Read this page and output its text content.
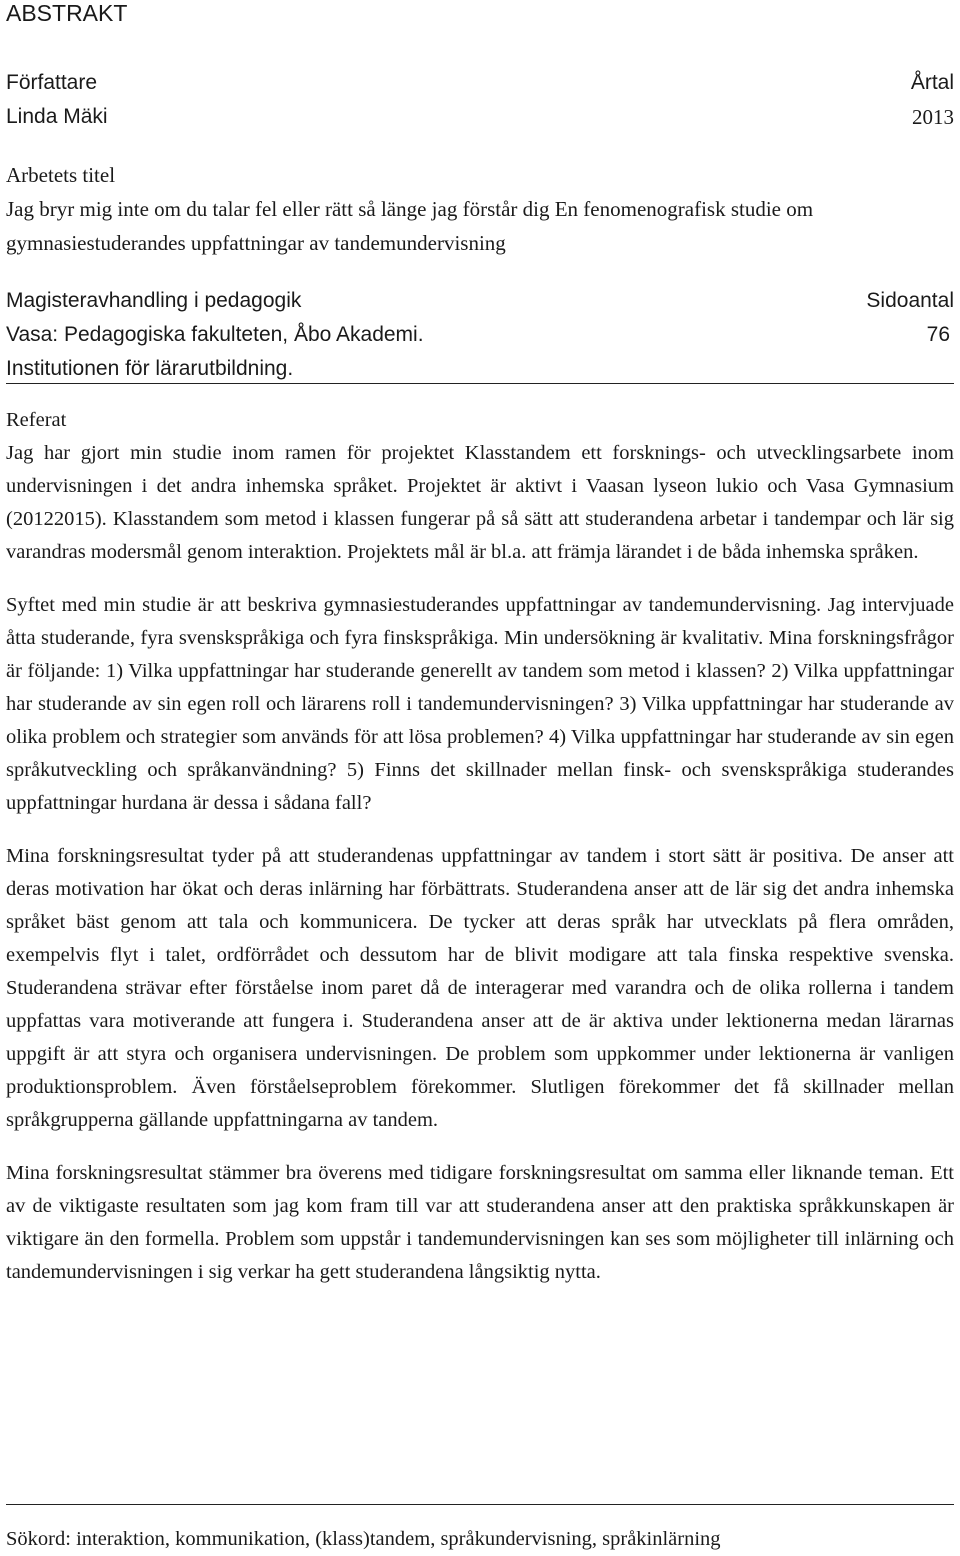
ABSTRAKT
Författare	Årtal
Linda Mäki	2013
Arbetets titel
Jag bryr mig inte om du talar fel eller rätt så länge jag förstår dig En fenomenografisk studie om gymnasiestuderandes uppfattningar av tandemundervisning
Magisteravhandling i pedagogik	Sidoantal
Vasa: Pedagogiska fakulteten, Åbo Akademi.	76
Institutionen för lärarutbildning.
Referat

Jag har gjort min studie inom ramen för projektet Klasstandem ett forsknings- och utvecklingsarbete inom undervisningen i det andra inhemska språket. Projektet är aktivt i Vaasan lyseon lukio och Vasa Gymnasium (20122015). Klasstandem som metod i klassen fungerar på så sätt att studerandena arbetar i tandempar och lär sig varandras modersmål genom interaktion. Projektets mål är bl.a. att främja lärandet i de båda inhemska språken.

Syftet med min studie är att beskriva gymnasiestuderandes uppfattningar av tandemundervisning. Jag intervjuade åtta studerande, fyra svenskspråkiga och fyra finskspråkiga. Min undersökning är kvalitativ. Mina forskningsfrågor är följande: 1) Vilka uppfattningar har studerande generellt av tandem som metod i klassen? 2) Vilka uppfattningar har studerande av sin egen roll och lärarens roll i tandemundervisningen? 3) Vilka uppfattningar har studerande av olika problem och strategier som används för att lösa problemen? 4) Vilka uppfattningar har studerande av sin egen språkutveckling och språkanvändning? 5) Finns det skillnader mellan finsk- och svenskspråkiga studerandes uppfattningar hurdana är dessa i sådana fall?

Mina forskningsresultat tyder på att studerandenas uppfattningar av tandem i stort sätt är positiva. De anser att deras motivation har ökat och deras inlärning har förbättrats. Studerandena anser att de lär sig det andra inhemska språket bäst genom att tala och kommunicera. De tycker att deras språk har utvecklats på flera områden, exempelvis flyt i talet, ordförrådet och dessutom har de blivit modigare att tala finska respektive svenska. Studerandena strävar efter förståelse inom paret då de interagerar med varandra och de olika rollerna i tandem uppfattas vara motiverande att fungera i. Studerandena anser att de är aktiva under lektionerna medan lärarnas uppgift är att styra och organisera undervisningen. De problem som uppkommer under lektionerna är vanligen produktionsproblem. Även förståelseproblem förekommer. Slutligen förekommer det få skillnader mellan språkgrupperna gällande uppfattningarna av tandem.

Mina forskningsresultat stämmer bra överens med tidigare forskningsresultat om samma eller liknande teman. Ett av de viktigaste resultaten som jag kom fram till var att studerandena anser att den praktiska språkkunskapen är viktigare än den formella. Problem som uppstår i tandemundervisningen kan ses som möjligheter till inlärning och tandemundervisningen i sig verkar ha gett studerandena långsiktig nytta.

Sökord: interaktion, kommunikation, (klass)tandem, språkundervisning, språkinlärning
